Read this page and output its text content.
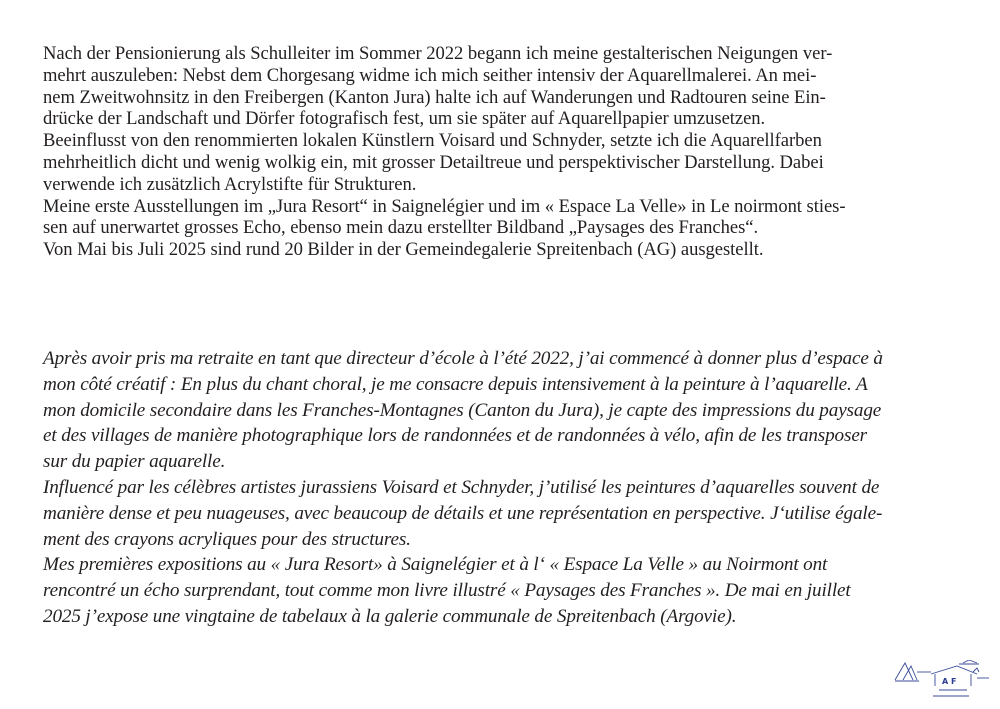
Nach der Pensionierung als Schulleiter im Sommer 2022 begann ich meine gestalterischen Neigungen ver-
mehrt auszuleben: Nebst dem Chorgesang widme ich mich seither intensiv der Aquarellmalerei. An mei-
nem Zweitwohnsitz in den Freibergen (Kanton Jura) halte ich auf Wanderungen und Radtouren seine Ein-
drücke der Landschaft und Dörfer fotografisch fest, um sie später auf Aquarellpapier umzusetzen.
Beeinflusst von den renommierten lokalen Künstlern Voisard und Schnyder, setzte ich die Aquarellfarben
mehrheitlich dicht und wenig wolkig ein, mit grosser Detailtreue und perspektivischer Darstellung. Dabei
verwende ich zusätzlich Acrylstifte für Strukturen.
Meine erste Ausstellungen im „Jura Resort“ in Saignelégier und im « Espace La Velle» in Le noirmont sties-
sen auf unerwartet grosses Echo, ebenso mein dazu erstellter Bildband „Paysages des Franches“.
Von Mai bis Juli 2025 sind rund 20 Bilder in der Gemeindegalerie Spreitenbach (AG) ausgestellt.
Après avoir pris ma retraite en tant que directeur d’école à l’été 2022, j’ai commencé à donner plus d’espace à
mon côté créatif : En plus du chant choral, je me consacre depuis intensivement à la peinture à l’aquarelle. A
mon domicile secondaire dans les Franches-Montagnes (Canton du Jura), je capte des impressions du paysage
et des villages de manière photographique lors de randonnées et de randonnées à vélo, afin de les transposer
sur du papier aquarelle.
Influencé par les célèbres artistes jurassiens Voisard et Schnyder, j’utilisé les peintures d’aquarelles souvent de
manière dense et peu nuageuses, avec beaucoup de détails et une représentation en perspective. J‘utilise égale-
ment des crayons acryliques pour des structures.
Mes premières expositions au « Jura Resort» à Saignelégier et à l‘ « Espace La Velle » au Noirmont ont
rencontré un écho surprendant, tout comme mon livre illustré « Paysages des Franches ». De mai en juillet
2025 j’expose une vingtaine de tabelaux à la galerie communale de Spreitenbach (Argovie).
A F
